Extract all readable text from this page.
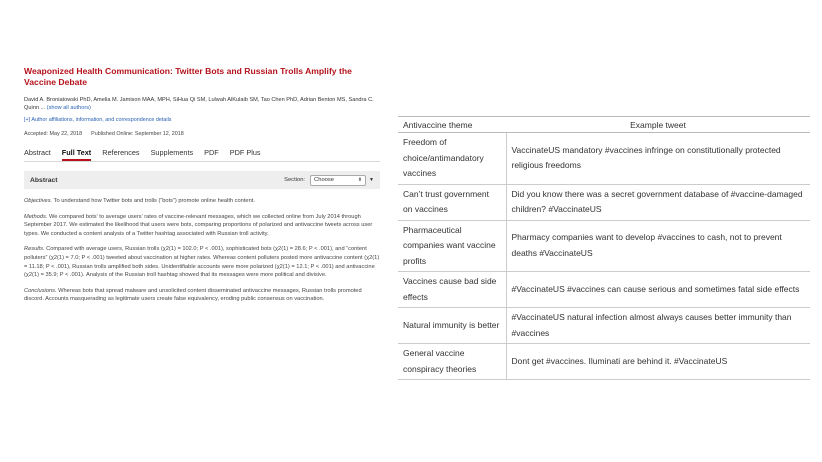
Weaponized Health Communication: Twitter Bots and Russian Trolls Amplify the Vaccine Debate
David A. Broniatowski PhD, Amelia M. Jamison MAA, MPH, SiHua Qi SM, Lulwah AlKulaib SM, Tao Chen PhD, Adrian Benton MS, Sandra C. Quinn ... (show all authors)
[+] Author affiliations, information, and correspondence details
Accepted: May 22, 2018 Published Online: September 12, 2018
Abstract Full Text References Supplements PDF PDF Plus
Abstract	Section: Choose	⬍ ▼

Objectives. To understand how Twitter bots and trolls (“bots”) promote online health content.

Methods. We compared bots’ to average users’ rates of vaccine-relevant messages, which we collected online from July 2014 through September 2017. We estimated the likelihood that users were bots, comparing proportions of polarized and antivaccine tweets across user types. We conducted a content analysis of a Twitter hashtag associated with Russian troll activity.

Results. Compared with average users, Russian trolls (χ2(1) = 102.0; P < .001), sophisticated bots (χ2(1) = 28.6; P < .001), and “content polluters” (χ2(1) = 7.0; P < .001) tweeted about vaccination at higher rates. Whereas content polluters posted more antivaccine content (χ2(1) = 11.18; P < .001), Russian trolls amplified both sides. Unidentifiable accounts were more polarized (χ2(1) = 12.1; P < .001) and antivaccine (χ2(1) = 35.9; P < .001). Analysis of the Russian troll hashtag showed that its messages were more political and divisive.

Conclusions. Whereas bots that spread malware and unsolicited content disseminated antivaccine messages, Russian trolls promoted discord. Accounts masquerading as legitimate users create false equivalency, eroding public consensus on vaccination.

Antivaccine theme	Example tweet
Freedom of choice/antimandatory vaccines	VaccinateUS mandatory #vaccines infringe on constitutionally protected religious freedoms
Can’t trust government on vaccines	Did you know there was a secret government database of #vaccine-damaged children? #VaccinateUS
Pharmaceutical companies want vaccine profits	Pharmacy companies want to develop #vaccines to cash, not to prevent deaths #VaccinateUS
Vaccines cause bad side effects	#VaccinateUS #vaccines can cause serious and sometimes fatal side effects
Natural immunity is better	#VaccinateUS natural infection almost always causes better immunity than #vaccines
General vaccine conspiracy theories	Dont get #vaccines. Iluminati are behind it. #VaccinateUS
